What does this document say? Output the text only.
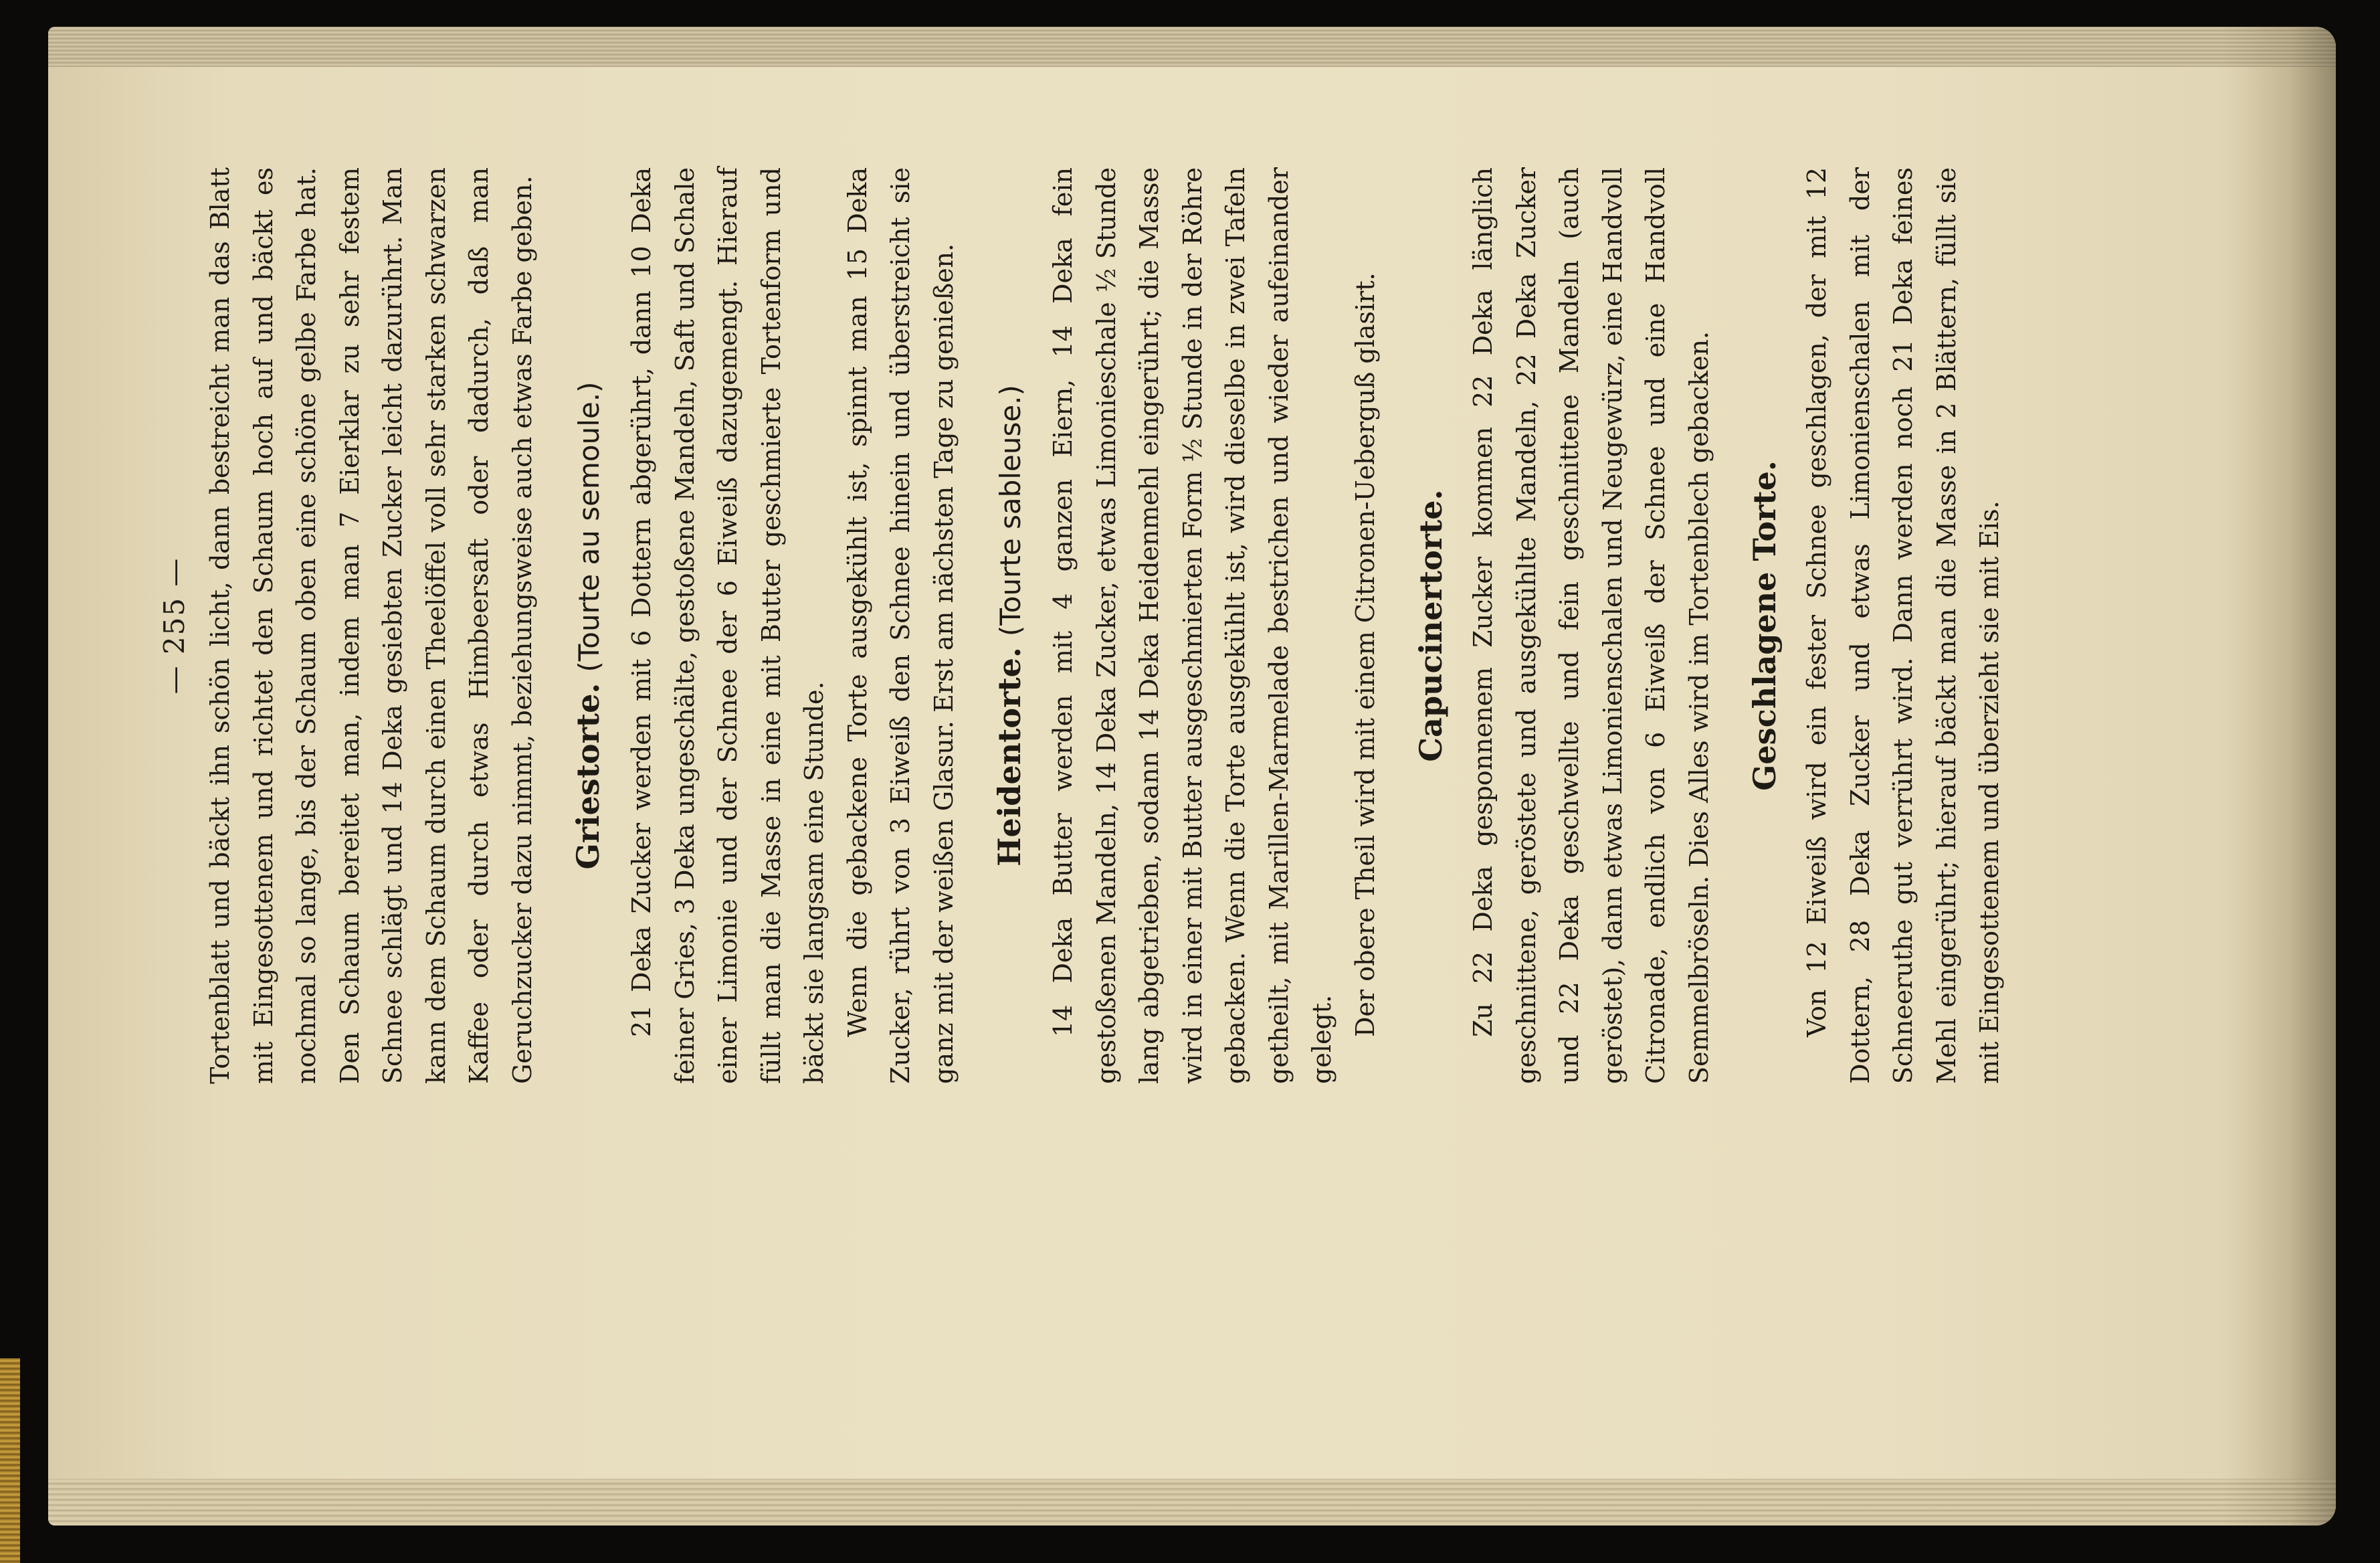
— 255 — Tortenblatt und bäckt ihn schön licht, dann bestreicht man das Blatt mit Eingesottenem und richtet den Schaum hoch auf und bäckt es nochmal so lange, bis der Schaum oben eine schöne gelbe Farbe hat. Den Schaum bereitet man, indem man 7 Eierklar zu sehr festem Schnee schlägt und 14 Deka gesiebten Zucker leicht dazurührt. Man kann dem Schaum durch einen Theelöffel voll sehr starken schwarzen Kaffee oder durch etwas Himbeersaft oder dadurch, daß man Geruchzucker dazu nimmt, beziehungsweise auch etwas Farbe geben. Griestorte. (Tourte au semoule.) 21 Deka Zucker werden mit 6 Dottern abgerührt, dann 10 Deka feiner Gries, 3 Deka ungeschälte, gestoßene Mandeln, Saft und Schale einer Limonie und der Schnee der 6 Eiweiß dazugemengt. Hierauf füllt man die Masse in eine mit Butter geschmierte Tortenform und bäckt sie langsam eine Stunde. Wenn die gebackene Torte ausgekühlt ist, spinnt man 15 Deka Zucker, rührt von 3 Eiweiß den Schnee hinein und überstreicht sie ganz mit der weißen Glasur. Erst am nächsten Tage zu genießen. Heidentorte. (Tourte sableuse.) 14 Deka Butter werden mit 4 ganzen Eiern, 14 Deka fein gestoßenen Mandeln, 14 Deka Zucker, etwas Limonieschale ½ Stunde lang abgetrieben, sodann 14 Deka Heidenmehl eingerührt; die Masse wird in einer mit Butter ausgeschmierten Form ½ Stunde in der Röhre gebacken. Wenn die Torte ausgekühlt ist, wird dieselbe in zwei Tafeln getheilt, mit Marillen-Marmelade bestrichen und wieder aufeinander gelegt.

Der obere Theil wird mit einem Citronen-Ueberguß glasirt. Capucinertorte. Zu 22 Deka gesponnenem Zucker kommen 22 Deka länglich geschnittene, geröstete und ausgekühlte Mandeln, 22 Deka Zucker und 22 Deka geschwellte und fein geschnittene Mandeln (auch geröstet), dann etwas Limonienschalen und Neugewürz, eine Handvoll Citronade, endlich von 6 Eiweiß der Schnee und eine Handvoll Semmelbröseln. Dies Alles wird im Tortenblech gebacken. Geschlagene Torte. Von 12 Eiweiß wird ein fester Schnee geschlagen, der mit 12 Dottern, 28 Deka Zucker und etwas Limonienschalen mit der Schneeruthe gut verrührt wird. Dann werden noch 21 Deka feines Mehl eingerührt; hierauf bäckt man die Masse in 2 Blättern, füllt sie mit Eingesottenem und überzieht sie mit Eis.
